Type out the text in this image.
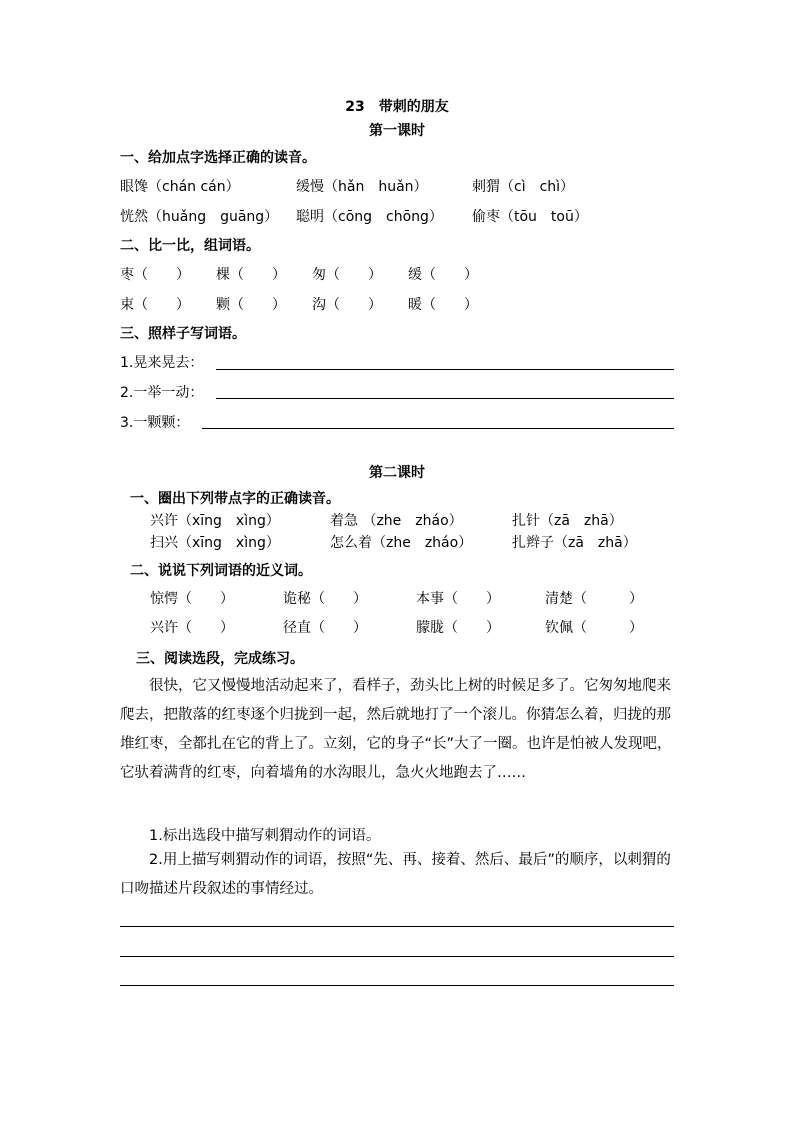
23　带刺的朋友
第一课时
一、给加点字选择正确的读音。
眼馋（chán cán）	缓慢（hǎn　huǎn）	刺猬（cì　chì）
恍然（huǎng　guāng） 聪明（cōng　chōng） 偷枣（tōu　toū）
二、比一比，组词语。
枣（　　） 棵（　　） 匆（　　） 缓（　　）
束（　　） 颗（　　） 沟（　　） 暖（　　）
三、照样子写词语。
1.晃来晃去：
2.一举一动：
3.一颗颗：
第二课时
一、圈出下列带点字的正确读音。
兴许（xīng　xìng）	着急 （zhe　zháo）	扎针（zā　zhā）
扫兴（xīng　xìng）	怎么着（zhe　zháo）	扎辫子（zā　zhā）
二、说说下列词语的近义词。
惊愕（　　）	诡秘（　　）	本事（　　）	清楚（　　　）
兴许（　　）	径直（　　）	朦胧（　　）	钦佩（　　　）
三、阅读选段，完成练习。
很快，它又慢慢地活动起来了，看样子，劲头比上树的时候足多了。它匆匆地爬来爬去，把散落的红枣逐个归拢到一起，然后就地打了一个滚儿。你猜怎么着，归拢的那堆红枣，全都扎在它的背上了。立刻，它的身子“长”大了一圈。也许是怕被人发现吧，它驮着满背的红枣，向着墙角的水沟眼儿，急火火地跑去了……
1.标出选段中描写刺猬动作的词语。
2.用上描写刺猬动作的词语，按照“先、再、接着、然后、最后”的顺序，以刺猬的口吻描述片段叙述的事情经过。
